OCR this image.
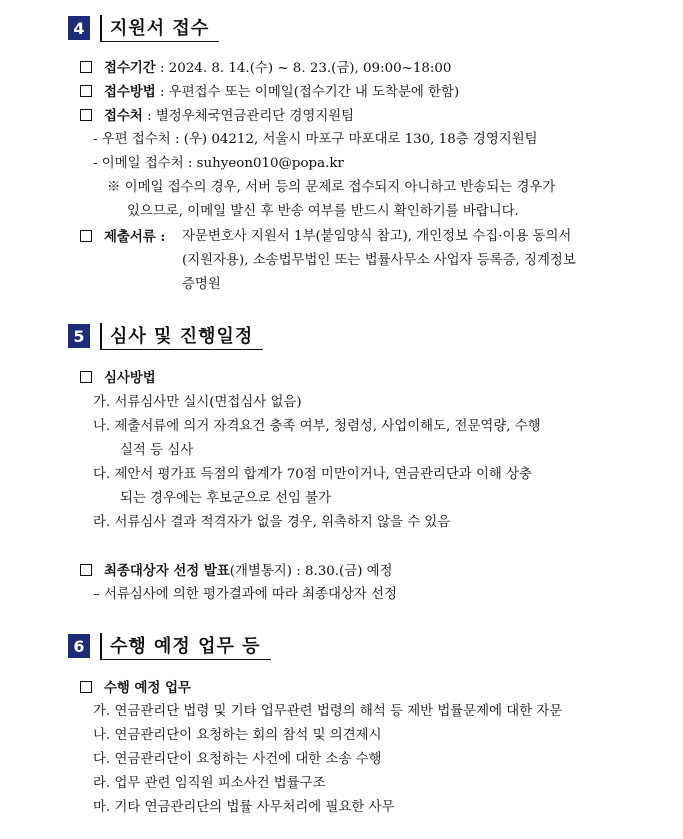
4	지원서 접수
접수기간 : 2024. 8. 14.(수) ~ 8. 23.(금), 09:00~18:00
접수방법 : 우편접수 또는 이메일(접수기간 내 도착분에 한함)
접수처 : 별정우체국연금관리단 경영지원팀
- 우편 접수처 : (우) 04212, 서울시 마포구 마포대로 130, 18층 경영지원팀
- 이메일 접수처 : suhyeon010@popa.kr
※ 이메일 접수의 경우, 서버 등의 문제로 접수되지 아니하고 반송되는 경우가
있으므로, 이메일 발신 후 반송 여부를 반드시 확인하기를 바랍니다.
제출서류 : 자문변호사 지원서 1부(붙임양식 참고), 개인정보 수집·이용 동의서
(지원자용), 소송법무법인 또는 법률사무소 사업자 등록증, 징계정보
증명원
5	심사 및 진행일정
심사방법
가. 서류심사만 실시(면접심사 없음)
나. 제출서류에 의거 자격요건 충족 여부, 청렴성, 사업이해도, 전문역량, 수행
실적 등 심사
다. 제안서 평가표 득점의 합계가 70점 미만이거나, 연금관리단과 이해 상충
되는 경우에는 후보군으로 선임 불가
라. 서류심사 결과 적격자가 없을 경우, 위촉하지 않을 수 있음
최종대상자 선정 발표(개별통지) : 8.30.(금) 예정
– 서류심사에 의한 평가결과에 따라 최종대상자 선정
6	수행 예정 업무 등
수행 예정 업무
가. 연금관리단 법령 및 기타 업무관련 법령의 해석 등 제반 법률문제에 대한 자문
나. 연금관리단이 요청하는 회의 참석 및 의견제시
다. 연금관리단이 요청하는 사건에 대한 소송 수행
라. 업무 관련 임직원 피소사건 법률구조
마. 기타 연금관리단의 법률 사무처리에 필요한 사무
